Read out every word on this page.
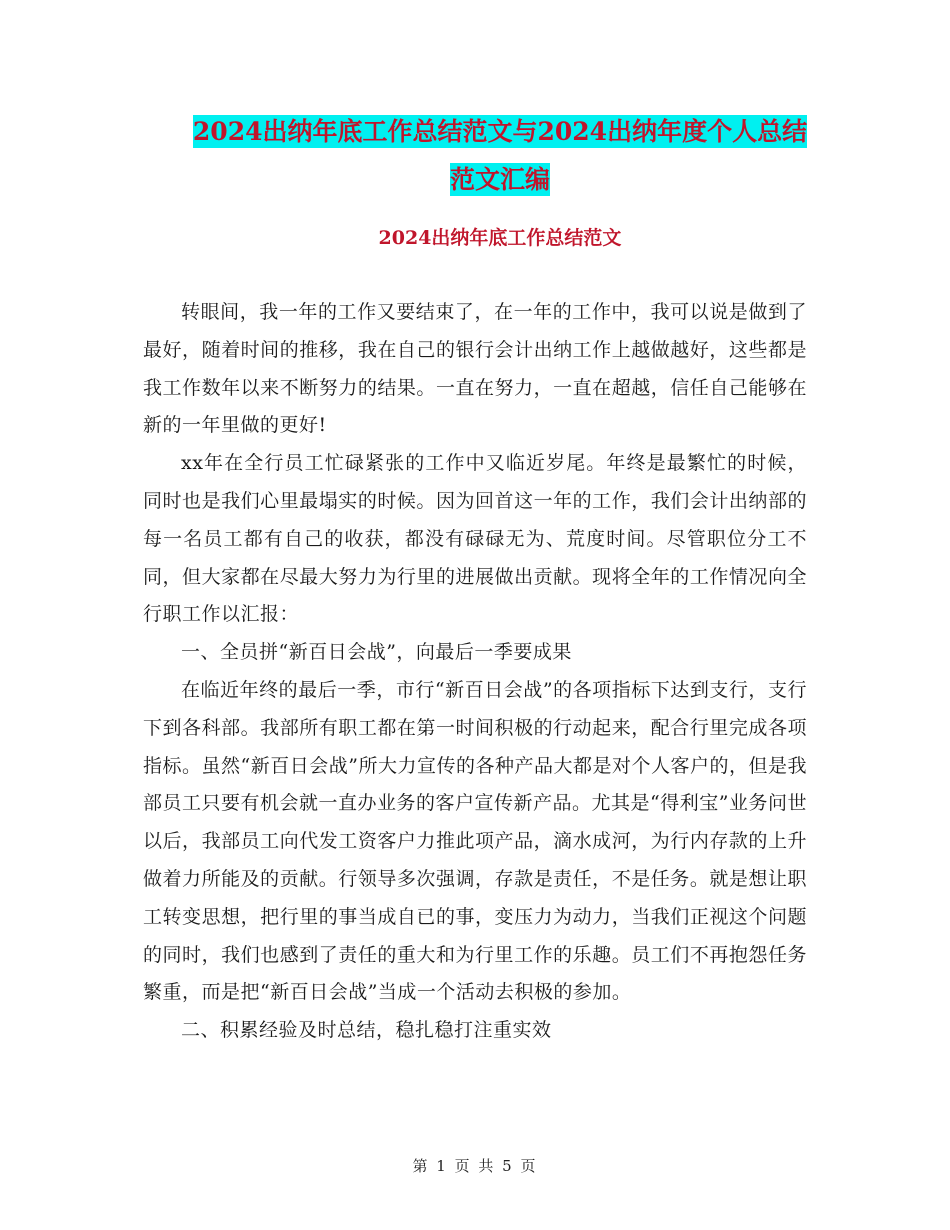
2024出纳年底工作总结范文与2024出纳年度个人总结
范文汇编
2024出纳年底工作总结范文

转眼间，我一年的工作又要结束了，在一年的工作中，我可以说是做到了最好，随着时间的推移，我在自己的银行会计出纳工作上越做越好，这些都是我工作数年以来不断努力的结果。一直在努力，一直在超越，信任自己能够在新的一年里做的更好!

xx年在全行员工忙碌紧张的工作中又临近岁尾。年终是最繁忙的时候，同时也是我们心里最塌实的时候。因为回首这一年的工作，我们会计出纳部的每一名员工都有自己的收获，都没有碌碌无为、荒度时间。尽管职位分工不同，但大家都在尽最大努力为行里的进展做出贡献。现将全年的工作情况向全行职工作以汇报：

一、全员拼“新百日会战”，向最后一季要成果

在临近年终的最后一季，市行“新百日会战”的各项指标下达到支行，支行下到各科部。我部所有职工都在第一时间积极的行动起来，配合行里完成各项指标。虽然“新百日会战”所大力宣传的各种产品大都是对个人客户的，但是我部员工只要有机会就一直办业务的客户宣传新产品。尤其是“得利宝”业务问世以后，我部员工向代发工资客户力推此项产品，滴水成河，为行内存款的上升做着力所能及的贡献。行领导多次强调，存款是责任，不是任务。就是想让职工转变思想，把行里的事当成自已的事，变压力为动力，当我们正视这个问题的同时，我们也感到了责任的重大和为行里工作的乐趣。员工们不再抱怨任务繁重，而是把“新百日会战”当成一个活动去积极的参加。

二、积累经验及时总结，稳扎稳打注重实效

第 1 页 共 5 页
